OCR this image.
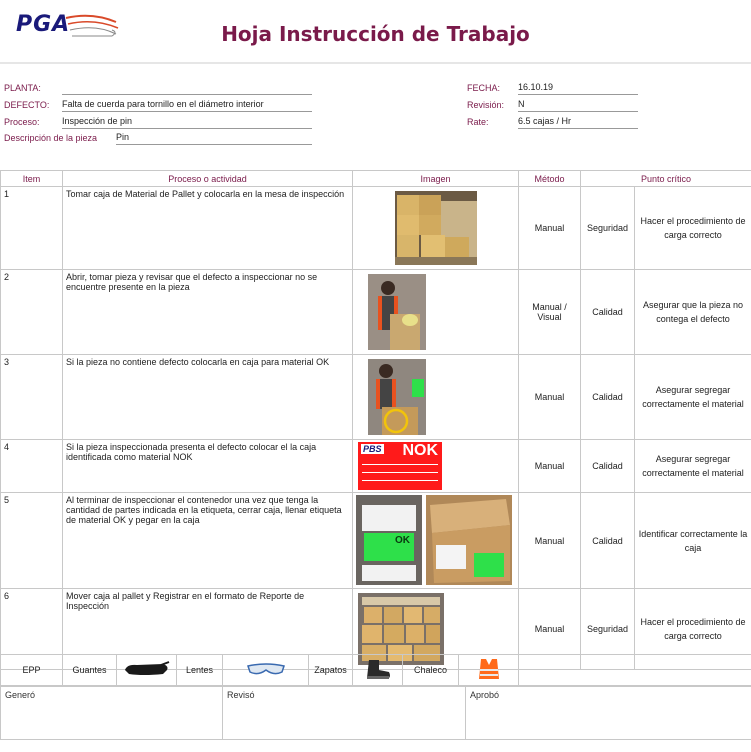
PGA	Hoja Instrucción de Trabajo
PLANTA:
DEFECTO: Falta de cuerda para tornillo en el diámetro interior
Proceso: Inspección de pin
Descripción de la pieza Pin
FECHA: 16.10.19
Revisión: N
Rate:	6.5 cajas / Hr
Item	Proceso o actividad	Imagen	Método	Punto crítico	
1	Tomar caja de Material de Pallet y colocarla en la mesa de inspección		Manual	Seguridad	Hacer el procedimiento de carga correcto
2	Abrir, tomar pieza y revisar que el defecto a inspeccionar no se encuentre presente en la pieza		Manual / Visual	Calidad	Asegurar que la pieza no contega el defecto
3	Si la pieza no contiene defecto colocarla en caja para material OK		Manual	Calidad	Asegurar segregar correctamente el material
4	Si la pieza inspeccionada presenta el defecto colocar el la caja identificada como material NOK	PBS NOK	Manual	Calidad	Asegurar segregar correctamente el material
5	Al terminar de inspeccionar el contenedor una vez que tenga la cantidad de partes indicada en la etiqueta, cerrar caja, llenar etiqueta de material OK y pegar en la caja	OK	Manual	Calidad	Identificar correctamente la caja
6	Mover caja al pallet y Registrar en el formato de Reporte de Inspección		Manual	Seguridad	Hacer el procedimiento de carga correcto
EPP	Guantes		Lentes		Zapatos		Chaleco		
Generó	Revisó	Aprobó
